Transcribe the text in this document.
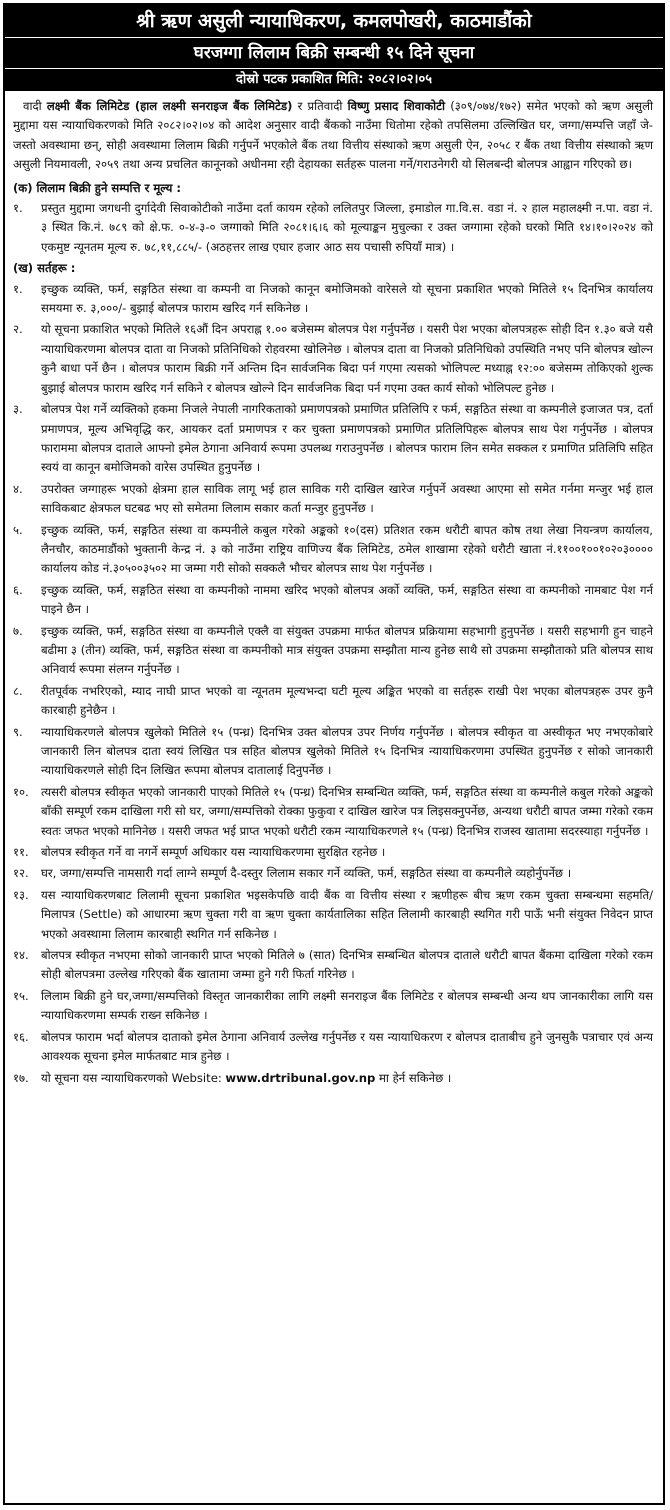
श्री ऋण असुली न्यायाधिकरण, कमलपोखरी, काठमाडौंको
घरजग्गा लिलाम बिक्री सम्बन्धी १५ दिने सूचना
दोस्रो पटक प्रकाशित मिति: २०८२।०२।०५
वादी लक्ष्मी बैंक लिमिटेड (हाल लक्ष्मी सनराइज बैंक लिमिटेड) र प्रतिवादी विष्णु प्रसाद शिवाकोटी (३०९/०७४/१७२) समेत भएको को ऋण असुली मुद्दामा यस न्यायाधिकरणको मिति २०८२।०२।०४ को आदेश अनुसार वादी बैंकको नाउँमा धितोमा रहेको तपसिलमा उल्लिखित घर, जग्गा/सम्पत्ति जहाँ जे-जस्तो अवस्थामा छन्, सोही अवस्थामा लिलाम बिक्री गर्नुपर्ने भएकोले बैंक तथा वित्तीय संस्थाको ऋण असुली ऐन, २०५८ र बैंक तथा वित्तीय संस्थाको ऋण असुली नियमावली, २०५९ तथा अन्य प्रचलित कानूनको अधीनमा रही देहायका सर्तहरू पालना गर्ने/गराउनेगरी यो सिलबन्दी बोलपत्र आह्वान गरिएको छ।
(क) लिलाम बिक्री हुने सम्पत्ति र मूल्य :
१.	प्रस्तुत मुद्दामा जगधनी दुर्गादेवी सिवाकोटीको नाउँमा दर्ता कायम रहेको ललितपुर जिल्ला, इमाडोल गा.वि.स. वडा नं. २ हाल महालक्ष्मी न.पा. वडा नं. ३ स्थित कि.नं. ७८९ को क्षे.फ. ०-४-३-० जग्गाको मिति २०८१।६।६ को मूल्याङ्कन मुचुल्का र उक्त जग्गामा रहेको घरको मिति १४।१०।२०२४ को एकमुष्ट न्यूनतम मूल्य रु. ७८,११,८८५/- (अठहत्तर लाख एघार हजार आठ सय पचासी रुपियाँ मात्र) ।
(ख) सर्तहरू :
१.	इच्छुक व्यक्ति, फर्म, सङ्गठित संस्था वा कम्पनी वा निजको कानून बमोजिमको वारेसले यो सूचना प्रकाशित भएको मितिले १५ दिनभित्र कार्यालय समयमा रु. ३,०००/- बुझाई बोलपत्र फाराम खरिद गर्न सकिनेछ ।
२.	यो सूचना प्रकाशित भएको मितिले १६औं दिन अपराह्न १.०० बजेसम्म बोलपत्र पेश गर्नुपर्नेछ । यसरी पेश भएका बोलपत्रहरू सोही दिन १.३० बजे यसै न्यायाधिकरणमा बोलपत्र दाता वा निजको प्रतिनिधिको रोहवरमा खोलिनेछ । बोलपत्र दाता वा निजको प्रतिनिधिको उपस्थिति नभए पनि बोलपत्र खोल्न कुनै बाधा पर्ने छैन । बोलपत्र फाराम बिक्री गर्ने अन्तिम दिन सार्वजनिक बिदा पर्न गएमा त्यसको भोलिपल्ट मध्याह्न १२:०० बजेसम्म तोकिएको शुल्क बुझाई बोलपत्र फाराम खरिद गर्न सकिने र बोलपत्र खोल्ने दिन सार्वजनिक बिदा पर्न गएमा उक्त कार्य सोको भोलिपल्ट हुनेछ ।
३.	बोलपत्र पेश गर्ने व्यक्तिको हकमा निजले नेपाली नागरिकताको प्रमाणपत्रको प्रमाणित प्रतिलिपि र फर्म, सङ्गठित संस्था वा कम्पनीले इजाजत पत्र, दर्ता प्रमाणपत्र, मूल्य अभिवृद्धि कर, आयकर दर्ता प्रमाणपत्र र कर चुक्ता प्रमाणपत्रको प्रमाणित प्रतिलिपिहरू बोलपत्र साथ पेश गर्नुपर्नेछ । बोलपत्र फाराममा बोलपत्र दाताले आफ्नो इमेल ठेगाना अनिवार्य रूपमा उपलब्ध गराउनुपर्नेछ । बोलपत्र फाराम लिन समेत सक्कल र प्रमाणित प्रतिलिपि सहित स्वयं वा कानून बमोजिमको वारेस उपस्थित हुनुपर्नेछ ।
४.	उपरोक्त जग्गाहरू भएको क्षेत्रमा हाल साविक लागू भई हाल साविक गरी दाखिल खारेज गर्नुपर्ने अवस्था आएमा सो समेत गर्नमा मन्जुर भई हाल साविकबाट क्षेत्रफल घटबढ भए सो समेतमा लिलाम सकार कर्ता मन्जुर हुनुपर्नेछ ।
५.	इच्छुक व्यक्ति, फर्म, सङ्गठित संस्था वा कम्पनीले कबुल गरेको अङ्कको १०(दस) प्रतिशत रकम धरौटी बापत कोष तथा लेखा नियन्त्रण कार्यालय, लैनचौर, काठमाडौंको भुक्तानी केन्द्र नं. ३ को नाउँमा राष्ट्रिय वाणिज्य बैंक लिमिटेड, ठमेल शाखामा रहेको धरौटी खाता नं.११००१००१०२०३०००० कार्यालय कोड नं.३०५००३५०२ मा जम्मा गरी सोको सक्कलै भौचर बोलपत्र साथ पेश गर्नुपर्नेछ ।
६.	इच्छुक व्यक्ति, फर्म, सङ्गठित संस्था वा कम्पनीको नाममा खरिद भएको बोलपत्र अर्को व्यक्ति, फर्म, सङ्गठित संस्था वा कम्पनीको नामबाट पेश गर्न पाइने छैन ।
७.	इच्छुक व्यक्ति, फर्म, सङ्गठित संस्था वा कम्पनीले एक्लै वा संयुक्त उपक्रमा मार्फत बोलपत्र प्रक्रियामा सहभागी हुनुपर्नेछ । यसरी सहभागी हुन चाहने बढीमा ३ (तीन) व्यक्ति, फर्म, सङ्गठित संस्था वा कम्पनीको मात्र संयुक्त उपक्रमा सम्झौता मान्य हुनेछ साथै सो उपक्रमा सम्झौताको प्रति बोलपत्र साथ अनिवार्य रूपमा संलग्न गर्नुपर्नेछ ।
८.	रीतपूर्वक नभरिएको, म्याद नाघी प्राप्त भएको वा न्यूनतम मूल्यभन्दा घटी मूल्य अङ्कित भएको वा सर्तहरू राखी पेश भएका बोलपत्रहरू उपर कुनै कारबाही हुनेछैन ।
९.	न्यायाधिकरणले बोलपत्र खुलेको मितिले १५ (पन्ध्र) दिनभित्र उक्त बोलपत्र उपर निर्णय गर्नुपर्नेछ । बोलपत्र स्वीकृत वा अस्वीकृत भए नभएकोबारे जानकारी लिन बोलपत्र दाता स्वयं लिखित पत्र सहित बोलपत्र खुलेको मितिले १५ दिनभित्र न्यायाधिकरणमा उपस्थित हुनुपर्नेछ र सोको जानकारी न्यायाधिकरणले सोही दिन लिखित रूपमा बोलपत्र दातालाई दिनुपर्नेछ ।
१०.	त्यसरी बोलपत्र स्वीकृत भएको जानकारी पाएको मितिले १५ (पन्ध्र) दिनभित्र सम्बन्धित व्यक्ति, फर्म, सङ्गठित संस्था वा कम्पनीले कबुल गरेको अङ्कको बाँकी सम्पूर्ण रकम दाखिला गरी सो घर, जग्गा/सम्पत्तिको रोक्का फुकुवा र दाखिल खारेज पत्र लिइसक्नुपर्नेछ, अन्यथा धरौटी बापत जम्मा गरेको रकम स्वतः जफत भएको मानिनेछ । यसरी जफत भई प्राप्त भएको धरौटी रकम न्यायाधिकरणले १५ (पन्ध्र) दिनभित्र राजस्व खातामा सदरस्याहा गर्नुपर्नेछ ।
११.	बोलपत्र स्वीकृत गर्ने वा नगर्ने सम्पूर्ण अधिकार यस न्यायाधिकरणमा सुरक्षित रहनेछ ।
१२.	घर, जग्गा/सम्पत्ति नामसारी गर्दा लाग्ने सम्पूर्ण दै-दस्तुर लिलाम सकार गर्ने व्यक्ति, फर्म, सङ्गठित संस्था वा कम्पनीले व्यहोर्नुपर्नेछ ।
१३.	यस न्यायाधिकरणबाट लिलामी सूचना प्रकाशित भइसकेपछि वादी बैंक वा वित्तीय संस्था र ऋणीहरू बीच ऋण रकम चुक्ता सम्बन्धमा सहमति/मिलापत्र (Settle) को आधारमा ऋण चुक्ता गरी वा ऋण चुक्ता कार्यतालिका सहित लिलामी कारबाही स्थगित गरी पाऊँ भनी संयुक्त निवेदन प्राप्त भएको अवस्थामा लिलाम कारबाही स्थगित गर्न सकिनेछ ।
१४.	बोलपत्र स्वीकृत नभएमा सोको जानकारी प्राप्त भएको मितिले ७ (सात) दिनभित्र सम्बन्धित बोलपत्र दाताले धरौटी बापत बैंकमा दाखिला गरेको रकम सोही बोलपत्रमा उल्लेख गरिएको बैंक खातामा जम्मा हुने गरी फिर्ता गरिनेछ ।
१५.	लिलाम बिक्री हुने घर,जग्गा/सम्पत्तिको विस्तृत जानकारीका लागि लक्ष्मी सनराइज बैंक लिमिटेड र बोलपत्र सम्बन्धी अन्य थप जानकारीका लागि यस न्यायाधिकरणमा सम्पर्क राख्न सकिनेछ ।
१६.	बोलपत्र फाराम भर्दा बोलपत्र दाताको इमेल ठेगाना अनिवार्य उल्लेख गर्नुपर्नेछ र यस न्यायाधिकरण र बोलपत्र दाताबीच हुने जुनसुकै पत्राचार एवं अन्य आवश्यक सूचना इमेल मार्फतबाट मात्र हुनेछ ।
१७.	यो सूचना यस न्यायाधिकरणको Website: www.drtribunal.gov.np मा हेर्न सकिनेछ ।
